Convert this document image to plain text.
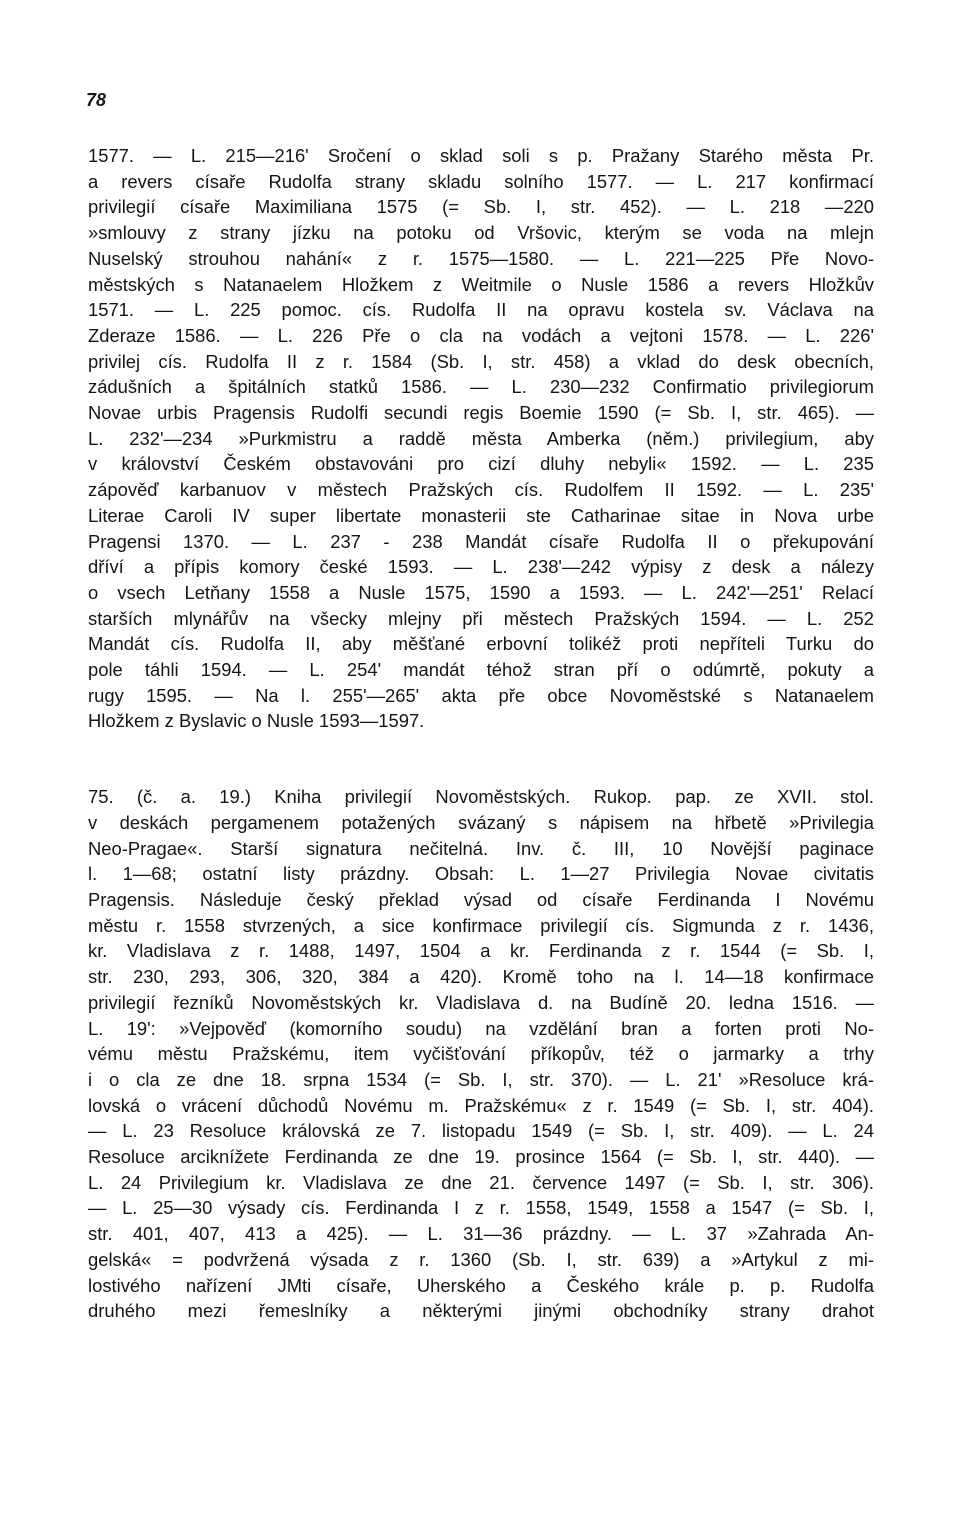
78
1577. — L. 215—216' Sročení o sklad soli s p. Pražany Starého města Pr.
a revers císaře Rudolfa strany skladu solního 1577. — L. 217 konfirmací
privilegií císaře Maximiliana 1575 (= Sb. I, str. 452). — L. 218 —220
»smlouvy z strany jízku na potoku od Vršovic, kterým se voda na mlejn
Nuselský strouhou nahání« z r. 1575—1580. — L. 221—225 Pře Novo-
městských s Natanaelem Hložkem z Weitmile o Nusle 1586 a revers Hložkův
1571. — L. 225 pomoc. cís. Rudolfa II na opravu kostela sv. Václava na
Zderaze 1586. — L. 226 Pře o cla na vodách a vejtoni 1578. — L. 226'
privilej cís. Rudolfa II z r. 1584 (Sb. I, str. 458) a vklad do desk obecních,
zádušních a špitálních statků 1586. — L. 230—232 Confirmatio privilegiorum
Novae urbis Pragensis Rudolfi secundi regis Boemie 1590 (= Sb. I, str. 465). —
L. 232'—234 »Purkmistru a raddě města Amberka (něm.) privilegium, aby
v království Českém obstavováni pro cizí dluhy nebyli« 1592. — L. 235
zápověď karbanuov v městech Pražských cís. Rudolfem II 1592. — L. 235'
Literae Caroli IV super libertate monasterii ste Catharinae sitae in Nova urbe
Pragensi 1370. — L. 237 - 238 Mandát císaře Rudolfa II o překupování
dříví a přípis komory české 1593. — L. 238'—242 výpisy z desk a nálezy
o vsech Letňany 1558 a Nusle 1575, 1590 a 1593. — L. 242'—251' Relací
starších mlynářův na všecky mlejny při městech Pražských 1594. — L. 252
Mandát cís. Rudolfa II, aby měšťané erbovní tolikéž proti nepříteli Turku do
pole táhli 1594. — L. 254' mandát téhož stran pří o odúmrtě, pokuty a
rugy 1595. — Na l. 255'—265' akta pře obce Novoměstské s Natanaelem
Hložkem z Byslavic o Nusle 1593—1597.
75. (č. a. 19.) Kniha privilegií Novoměstských. Rukop. pap. ze XVII. stol.
v deskách pergamenem potažených svázaný s nápisem na hřbetě »Privilegia
Neo-Pragae«. Starší signatura nečitelná. Inv. č. III, 10 Novější paginace
l. 1—68; ostatní listy prázdny. Obsah: L. 1—27 Privilegia Novae civitatis
Pragensis. Následuje český překlad výsad od císaře Ferdinanda I Novému
městu r. 1558 stvrzených, a sice konfirmace privilegií cís. Sigmunda z r. 1436,
kr. Vladislava z r. 1488, 1497, 1504 a kr. Ferdinanda z r. 1544 (= Sb. I,
str. 230, 293, 306, 320, 384 a 420). Kromě toho na l. 14—18 konfirmace
privilegií řezníků Novoměstských kr. Vladislava d. na Budíně 20. ledna 1516. —
L. 19': »Vejpověď (komorního soudu) na vzdělání bran a forten proti No-
vému městu Pražskému, item vyčišťování příkopův, též o jarmarky a trhy
i o cla ze dne 18. srpna 1534 (= Sb. I, str. 370). — L. 21' »Resoluce krá-
lovská o vrácení důchodů Novému m. Pražskému« z r. 1549 (= Sb. I, str. 404).
— L. 23 Resoluce královská ze 7. listopadu 1549 (= Sb. I, str. 409). — L. 24
Resoluce arciknížete Ferdinanda ze dne 19. prosince 1564 (= Sb. I, str. 440). —
L. 24 Privilegium kr. Vladislava ze dne 21. července 1497 (= Sb. I, str. 306).
— L. 25—30 výsady cís. Ferdinanda I z r. 1558, 1549, 1558 a 1547 (= Sb. I,
str. 401, 407, 413 a 425). — L. 31—36 prázdny. — L. 37 »Zahrada An-
gelská« = podvržená výsada z r. 1360 (Sb. I, str. 639) a »Artykul z mi-
lostivého nařízení JMti císaře, Uherského a Českého krále p. p. Rudolfa
druhého mezi řemeslníky a některými jinými obchodníky strany drahot
